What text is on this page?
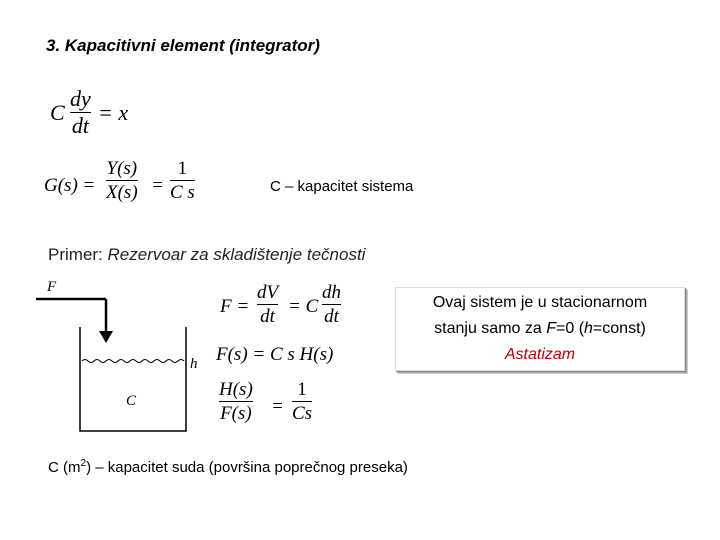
3. Kapacitivni element (integrator)
C
dy
dt
= x
G(s) =
Y(s)
X(s) =
1
C s	C – kapacitet sistema
Primer: Rezervoar za skladištenje tečnosti
F
h
C
F =
dV
dt = C
dh
dt
F(s) = C s H(s)
H(s)
F(s) =
1
Cs
Ovaj sistem je u stacionarnom
stanju samo za F=0 (h=const)
Astatizam
C $(m^2)$ – kapacitet suda (površina poprečnog preseka)
